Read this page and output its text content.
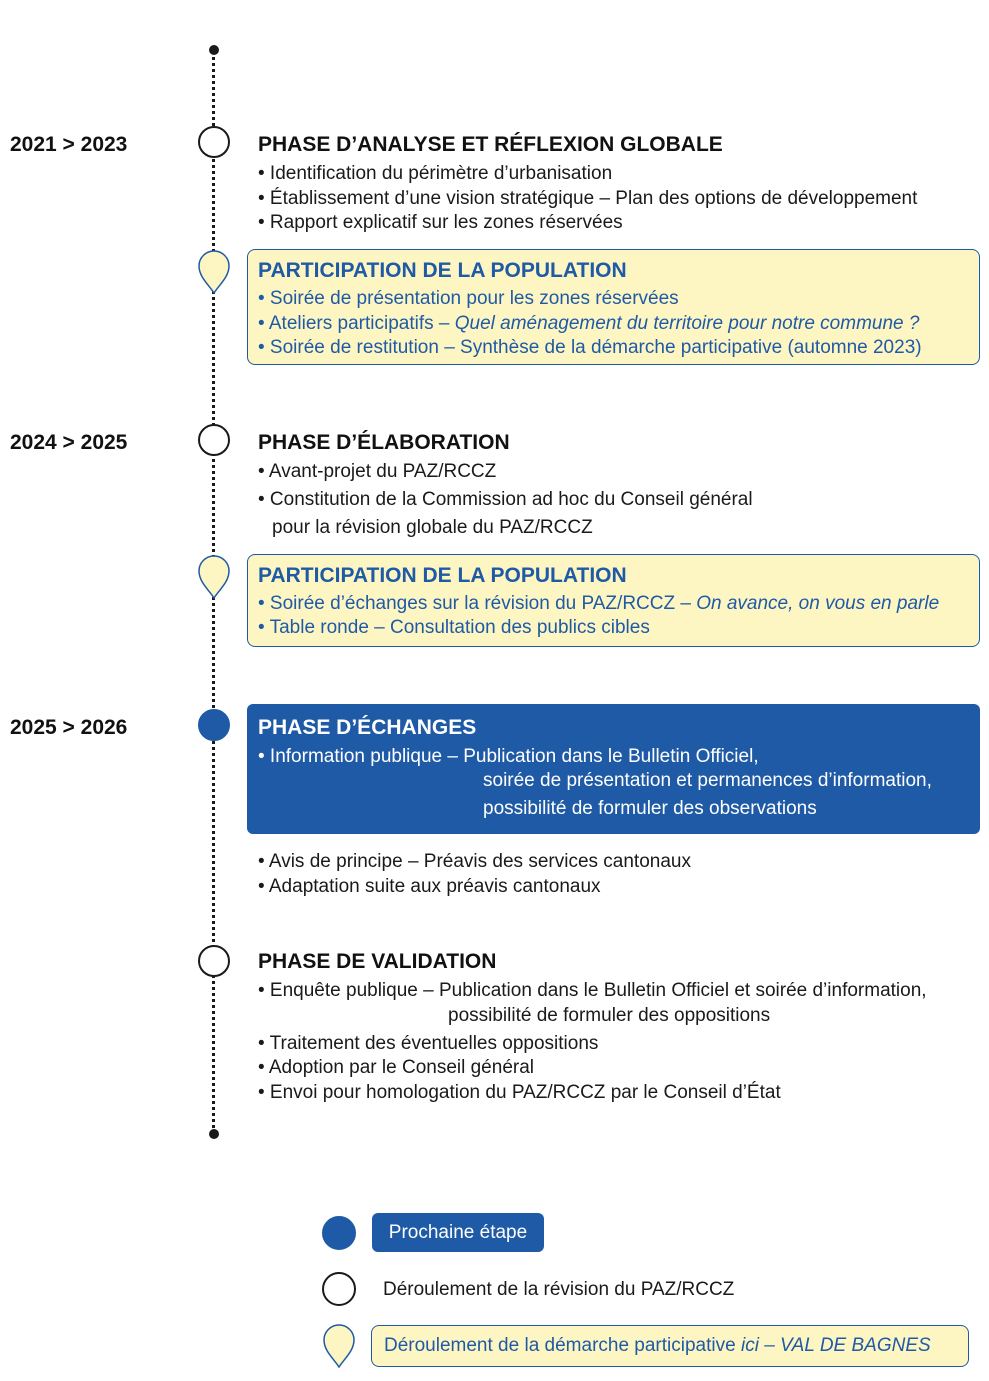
2021 > 2023	PHASE D’ANALYSE ET RÉFLEXION GLOBALE
• Identification du périmètre d’urbanisation
• Établissement d’une vision stratégique – Plan des options de développement
• Rapport explicatif sur les zones réservées
PARTICIPATION DE LA POPULATION
• Soirée de présentation pour les zones réservées
• Ateliers participatifs – Quel aménagement du territoire pour notre commune ?
• Soirée de restitution – Synthèse de la démarche participative (automne 2023)
2024 > 2025	PHASE D’ÉLABORATION
• Avant-projet du PAZ/RCCZ
• Constitution de la Commission ad hoc du Conseil général
pour la révision globale du PAZ/RCCZ
PARTICIPATION DE LA POPULATION
• Soirée d’échanges sur la révision du PAZ/RCCZ – On avance, on vous en parle
• Table ronde – Consultation des publics cibles
2025 > 2026	PHASE D’ÉCHANGES
• Information publique – Publication dans le Bulletin Officiel,
soirée de présentation et permanences d’information,
possibilité de formuler des observations
• Avis de principe – Préavis des services cantonaux
• Adaptation suite aux préavis cantonaux
PHASE DE VALIDATION
• Enquête publique – Publication dans le Bulletin Officiel et soirée d’information,
possibilité de formuler des oppositions
• Traitement des éventuelles oppositions
• Adoption par le Conseil général
• Envoi pour homologation du PAZ/RCCZ par le Conseil d’État
Prochaine étape
Déroulement de la révision du PAZ/RCCZ
Déroulement de la démarche participative ici – VAL DE BAGNES
